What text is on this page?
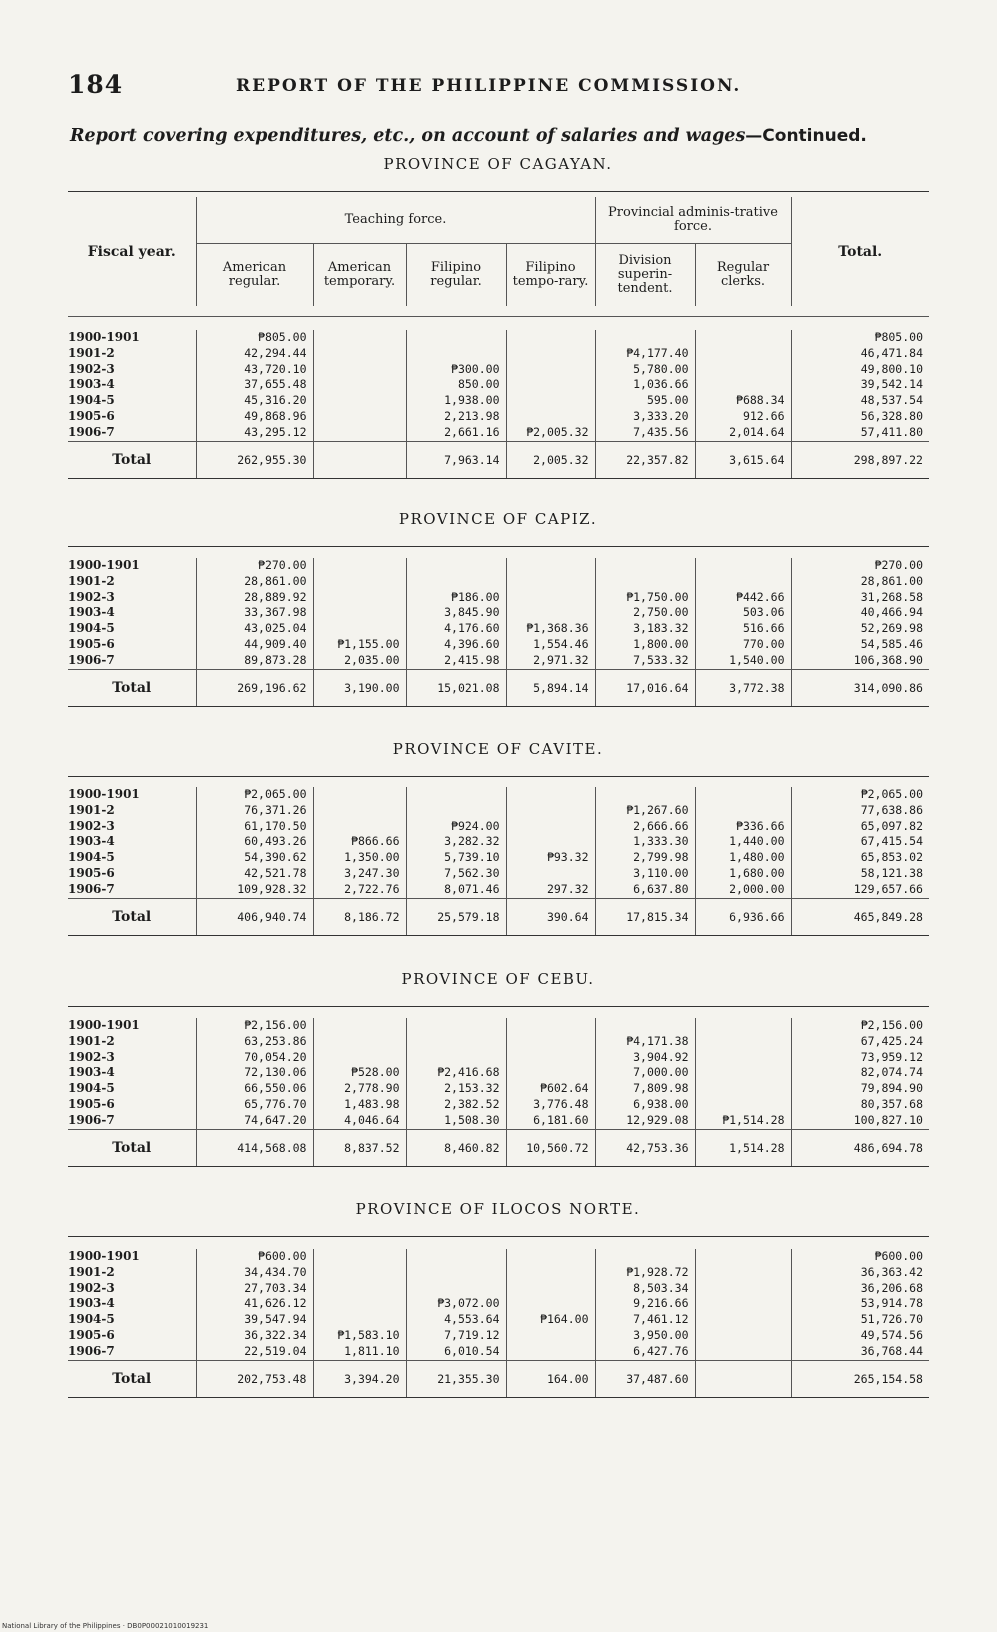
184	REPORT OF THE PHILIPPINE COMMISSION.
Report covering expenditures, etc., on account of salaries and wages—Continued.
PROVINCE OF CAGAYAN.
Fiscal year.	Teaching force.				Provincial adminis-trative force.		Total.
	American regular.	American temporary.	Filipino regular.	Filipino tempo-rary.	Division superin-tendent.	Regular clerks.	
1900-1901	₱805.00						₱805.00
1901-2	42,294.44				₱4,177.40		46,471.84
1902-3	43,720.10		₱300.00		5,780.00		49,800.10
1903-4	37,655.48		850.00		1,036.66		39,542.14
1904-5	45,316.20		1,938.00		595.00	₱688.34	48,537.54
1905-6	49,868.96		2,213.98		3,333.20	912.66	56,328.80
1906-7	43,295.12		2,661.16	₱2,005.32	7,435.56	2,014.64	57,411.80
Total	262,955.30		7,963.14	2,005.32	22,357.82	3,615.64	298,897.22
PROVINCE OF CAPIZ.
1900-1901	₱270.00						₱270.00
1901-2	28,861.00						28,861.00
1902-3	28,889.92		₱186.00		₱1,750.00	₱442.66	31,268.58
1903-4	33,367.98		3,845.90		2,750.00	503.06	40,466.94
1904-5	43,025.04		4,176.60	₱1,368.36	3,183.32	516.66	52,269.98
1905-6	44,909.40	₱1,155.00	4,396.60	1,554.46	1,800.00	770.00	54,585.46
1906-7	89,873.28	2,035.00	2,415.98	2,971.32	7,533.32	1,540.00	106,368.90
Total	269,196.62	3,190.00	15,021.08	5,894.14	17,016.64	3,772.38	314,090.86
PROVINCE OF CAVITE.
1900-1901	₱2,065.00						₱2,065.00
1901-2	76,371.26				₱1,267.60		77,638.86
1902-3	61,170.50		₱924.00		2,666.66	₱336.66	65,097.82
1903-4	60,493.26	₱866.66	3,282.32		1,333.30	1,440.00	67,415.54
1904-5	54,390.62	1,350.00	5,739.10	₱93.32	2,799.98	1,480.00	65,853.02
1905-6	42,521.78	3,247.30	7,562.30		3,110.00	1,680.00	58,121.38
1906-7	109,928.32	2,722.76	8,071.46	297.32	6,637.80	2,000.00	129,657.66
Total	406,940.74	8,186.72	25,579.18	390.64	17,815.34	6,936.66	465,849.28
PROVINCE OF CEBU.
1900-1901	₱2,156.00						₱2,156.00
1901-2	63,253.86				₱4,171.38		67,425.24
1902-3	70,054.20				3,904.92		73,959.12
1903-4	72,130.06	₱528.00	₱2,416.68		7,000.00		82,074.74
1904-5	66,550.06	2,778.90	2,153.32	₱602.64	7,809.98		79,894.90
1905-6	65,776.70	1,483.98	2,382.52	3,776.48	6,938.00		80,357.68
1906-7	74,647.20	4,046.64	1,508.30	6,181.60	12,929.08	₱1,514.28	100,827.10
Total	414,568.08	8,837.52	8,460.82	10,560.72	42,753.36	1,514.28	486,694.78
PROVINCE OF ILOCOS NORTE.
1900-1901	₱600.00						₱600.00
1901-2	34,434.70				₱1,928.72		36,363.42
1902-3	27,703.34				8,503.34		36,206.68
1903-4	41,626.12		₱3,072.00		9,216.66		53,914.78
1904-5	39,547.94		4,553.64	₱164.00	7,461.12		51,726.70
1905-6	36,322.34	₱1,583.10	7,719.12		3,950.00		49,574.56
1906-7	22,519.04	1,811.10	6,010.54		6,427.76		36,768.44
Total	202,753.48	3,394.20	21,355.30	164.00	37,487.60		265,154.58
National Library of the Philippines · DB0P00021010019231
